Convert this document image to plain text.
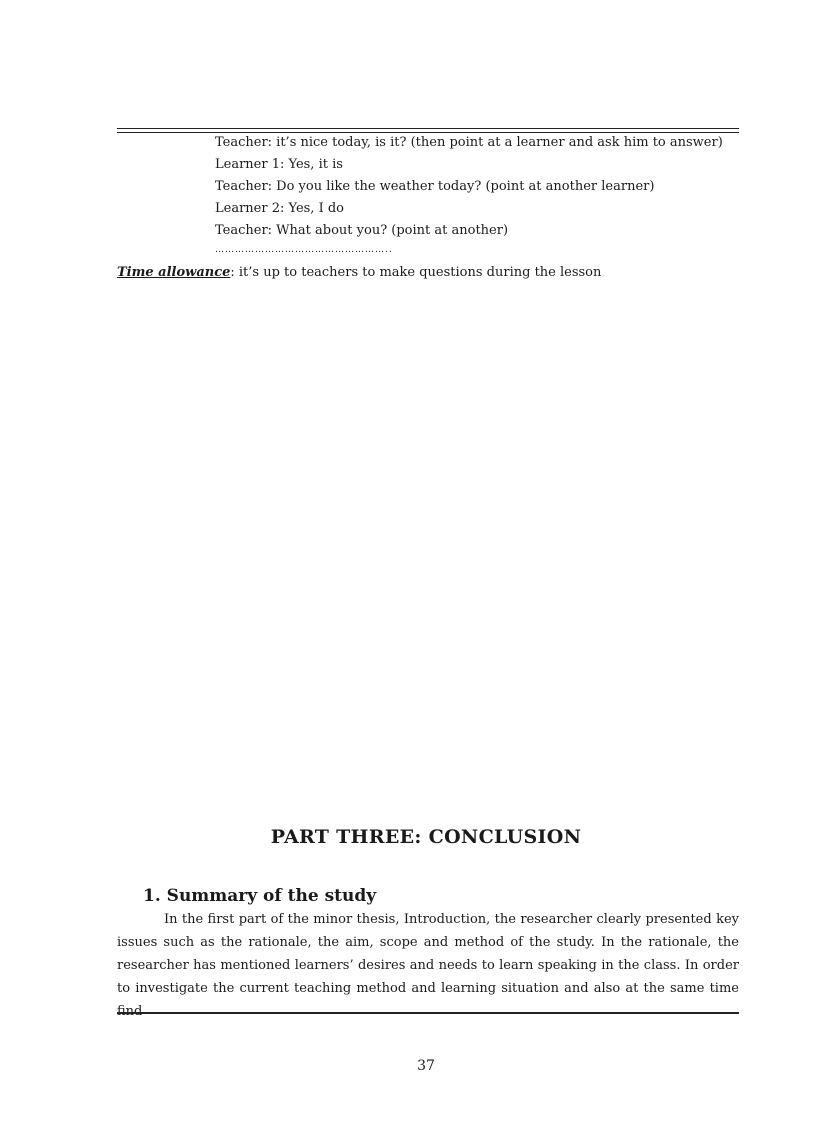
Teacher: it’s nice today, is it? (then point at a learner and ask him to answer)
Learner 1: Yes, it is
Teacher: Do you like the weather today? (point at another learner)
Learner 2: Yes, I do
Teacher: What about you? (point at another)
……………………………………………..
Time allowance: it’s up to teachers to make questions during the lesson
PART THREE: CONCLUSION
1. Summary of the study
In the first part of the minor thesis, Introduction, the researcher clearly presented key issues such as the rationale, the aim, scope and method of the study. In the rationale, the researcher has mentioned learners’ desires and needs to learn speaking in the class. In order to investigate the current teaching method and learning situation and also at the same time find
37
